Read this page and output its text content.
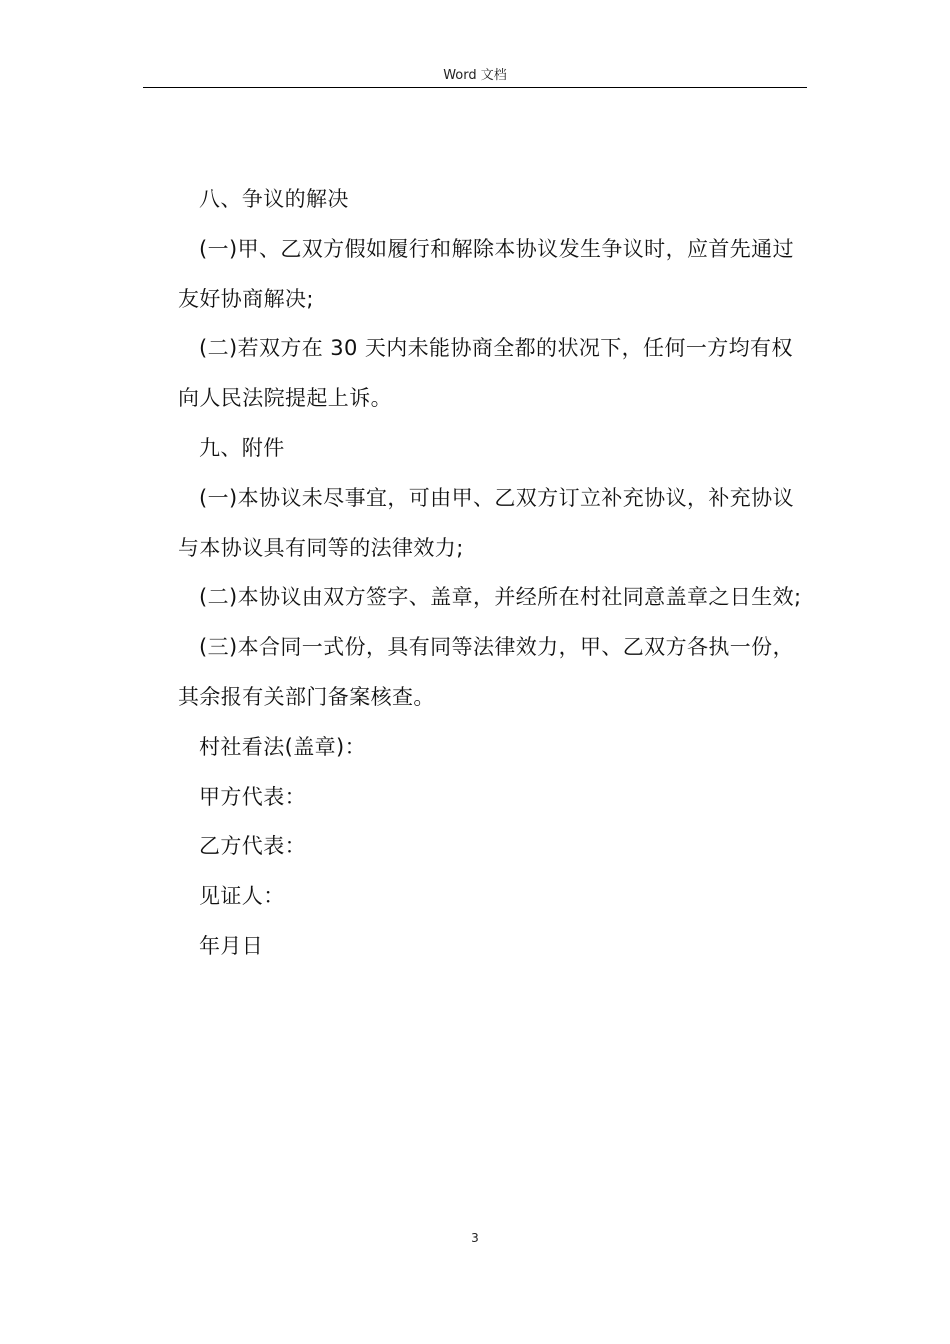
Word 文档

八、争议的解决

(一)甲、乙双方假如履行和解除本协议发生争议时，应首先通过友好协商解决;

(二)若双方在 30 天内未能协商全都的状况下，任何一方均有权向人民法院提起上诉。

九、附件

(一)本协议未尽事宜，可由甲、乙双方订立补充协议，补充协议与本协议具有同等的法律效力;

(二)本协议由双方签字、盖章，并经所在村社同意盖章之日生效;

(三)本合同一式份，具有同等法律效力，甲、乙双方各执一份，其余报有关部门备案核查。

村社看法(盖章)：

甲方代表：

乙方代表：

见证人：

年月日

3
